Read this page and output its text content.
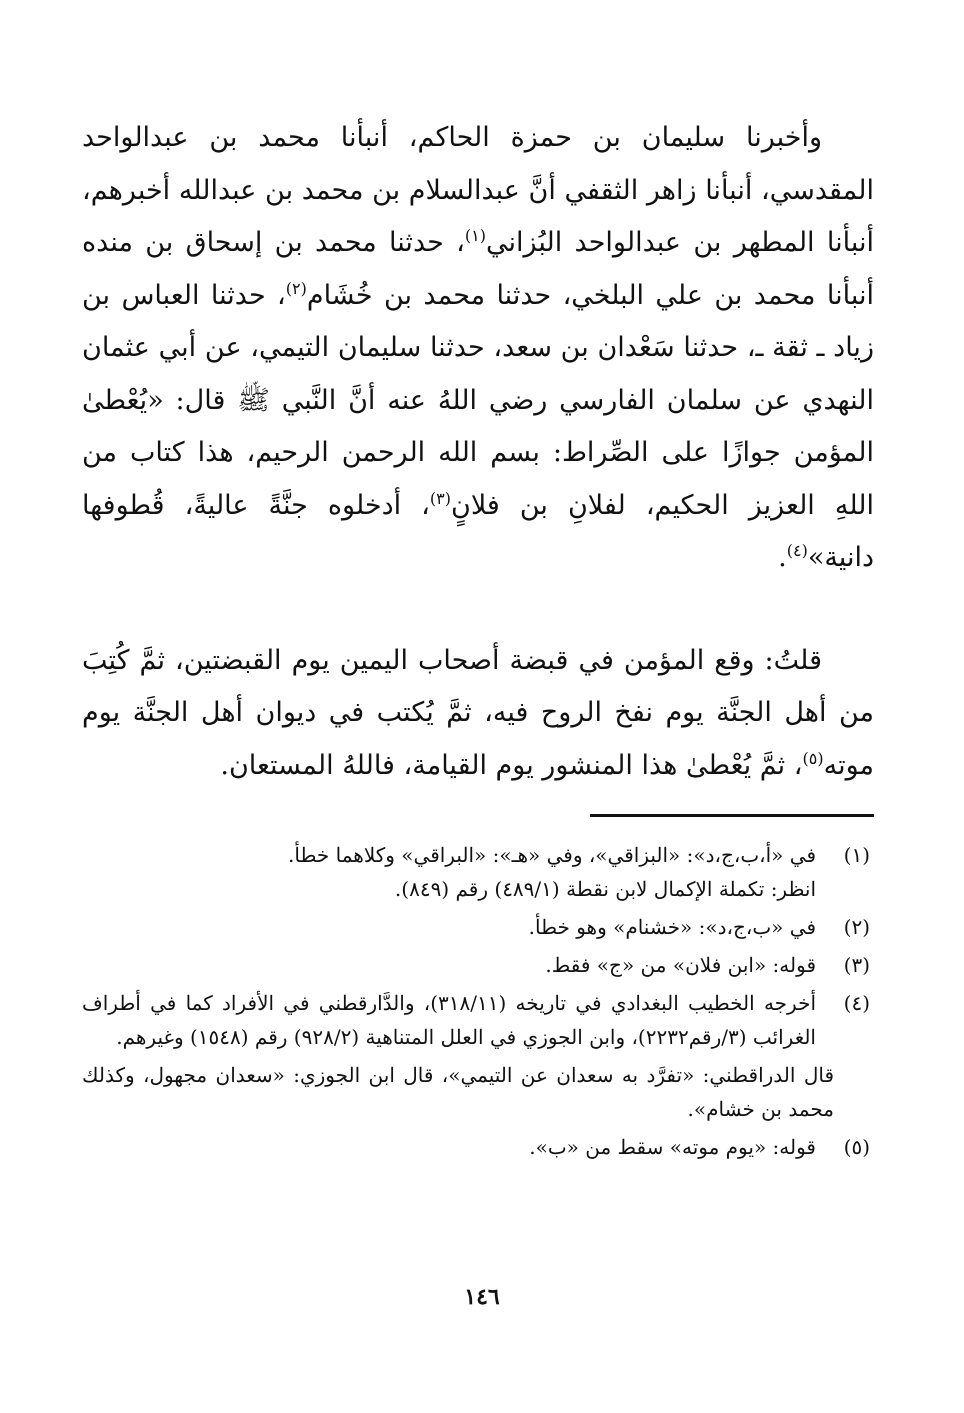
وأخبرنا سليمان بن حمزة الحاكم، أنبأنا محمد بن عبدالواحد المقدسي، أنبأنا زاهر الثقفي أنَّ عبدالسلام بن محمد بن عبدالله أخبرهم، أنبأنا المطهر بن عبدالواحد البُزاني$^{(١)}$، حدثنا محمد بن إسحاق بن منده أنبأنا محمد بن علي البلخي، حدثنا محمد بن خُشَام$^{(٢)}$، حدثنا العباس بن زياد ـ ثقة ـ، حدثنا سَعْدان بن سعد، حدثنا سليمان التيمي، عن أبي عثمان النهدي عن سلمان الفارسي رضي اللهُ عنه أنَّ النَّبي ﷺ قال: «يُعْطىٰ المؤمن جوازًا على الصِّراط: بسم الله الرحمن الرحيم، هذا كتاب من اللهِ العزيز الحكيم، لفلانِ بن فلانٍ$^{(٣)}$، أدخلوه جنَّةً عاليةً، قُطوفها دانية»$^{(٤)}$.

قلتُ: وقع المؤمن في قبضة أصحاب اليمين يوم القبضتين، ثمَّ كُتِبَ من أهل الجنَّة يوم نفخ الروح فيه، ثمَّ يُكتب في ديوان أهل الجنَّة يوم موته$^{(٥)}$، ثمَّ يُعْطىٰ هذا المنشور يوم القيامة، فاللهُ المستعان.

(١)
في «أ،ب،ج،د»: «البزاقي»، وفي «هـ»: «البراقي» وكلاهما خطأ.
انظر: تكملة الإكمال لابن نقطة (٤٨٩/١) رقم (٨٤٩).
(٢)
في «ب،ج،د»: «خشنام» وهو خطأ.
(٣)
قوله: «ابن فلان» من «ج» فقط.
(٤)
أخرجه الخطيب البغدادي في تاريخه (٣١٨/١١)، والدَّارقطني في الأفراد كما في أطراف الغرائب (٣/رقم٢٢٣٢)، وابن الجوزي في العلل المتناهية (٩٢٨/٢) رقم (١٥٤٨) وغيرهم.
قال الدراقطني: «تفرَّد به سعدان عن التيمي»، قال ابن الجوزي: «سعدان مجهول، وكذلك محمد بن خشام».
(٥)
قوله: «يوم موته» سقط من «ب».
١٤٦
